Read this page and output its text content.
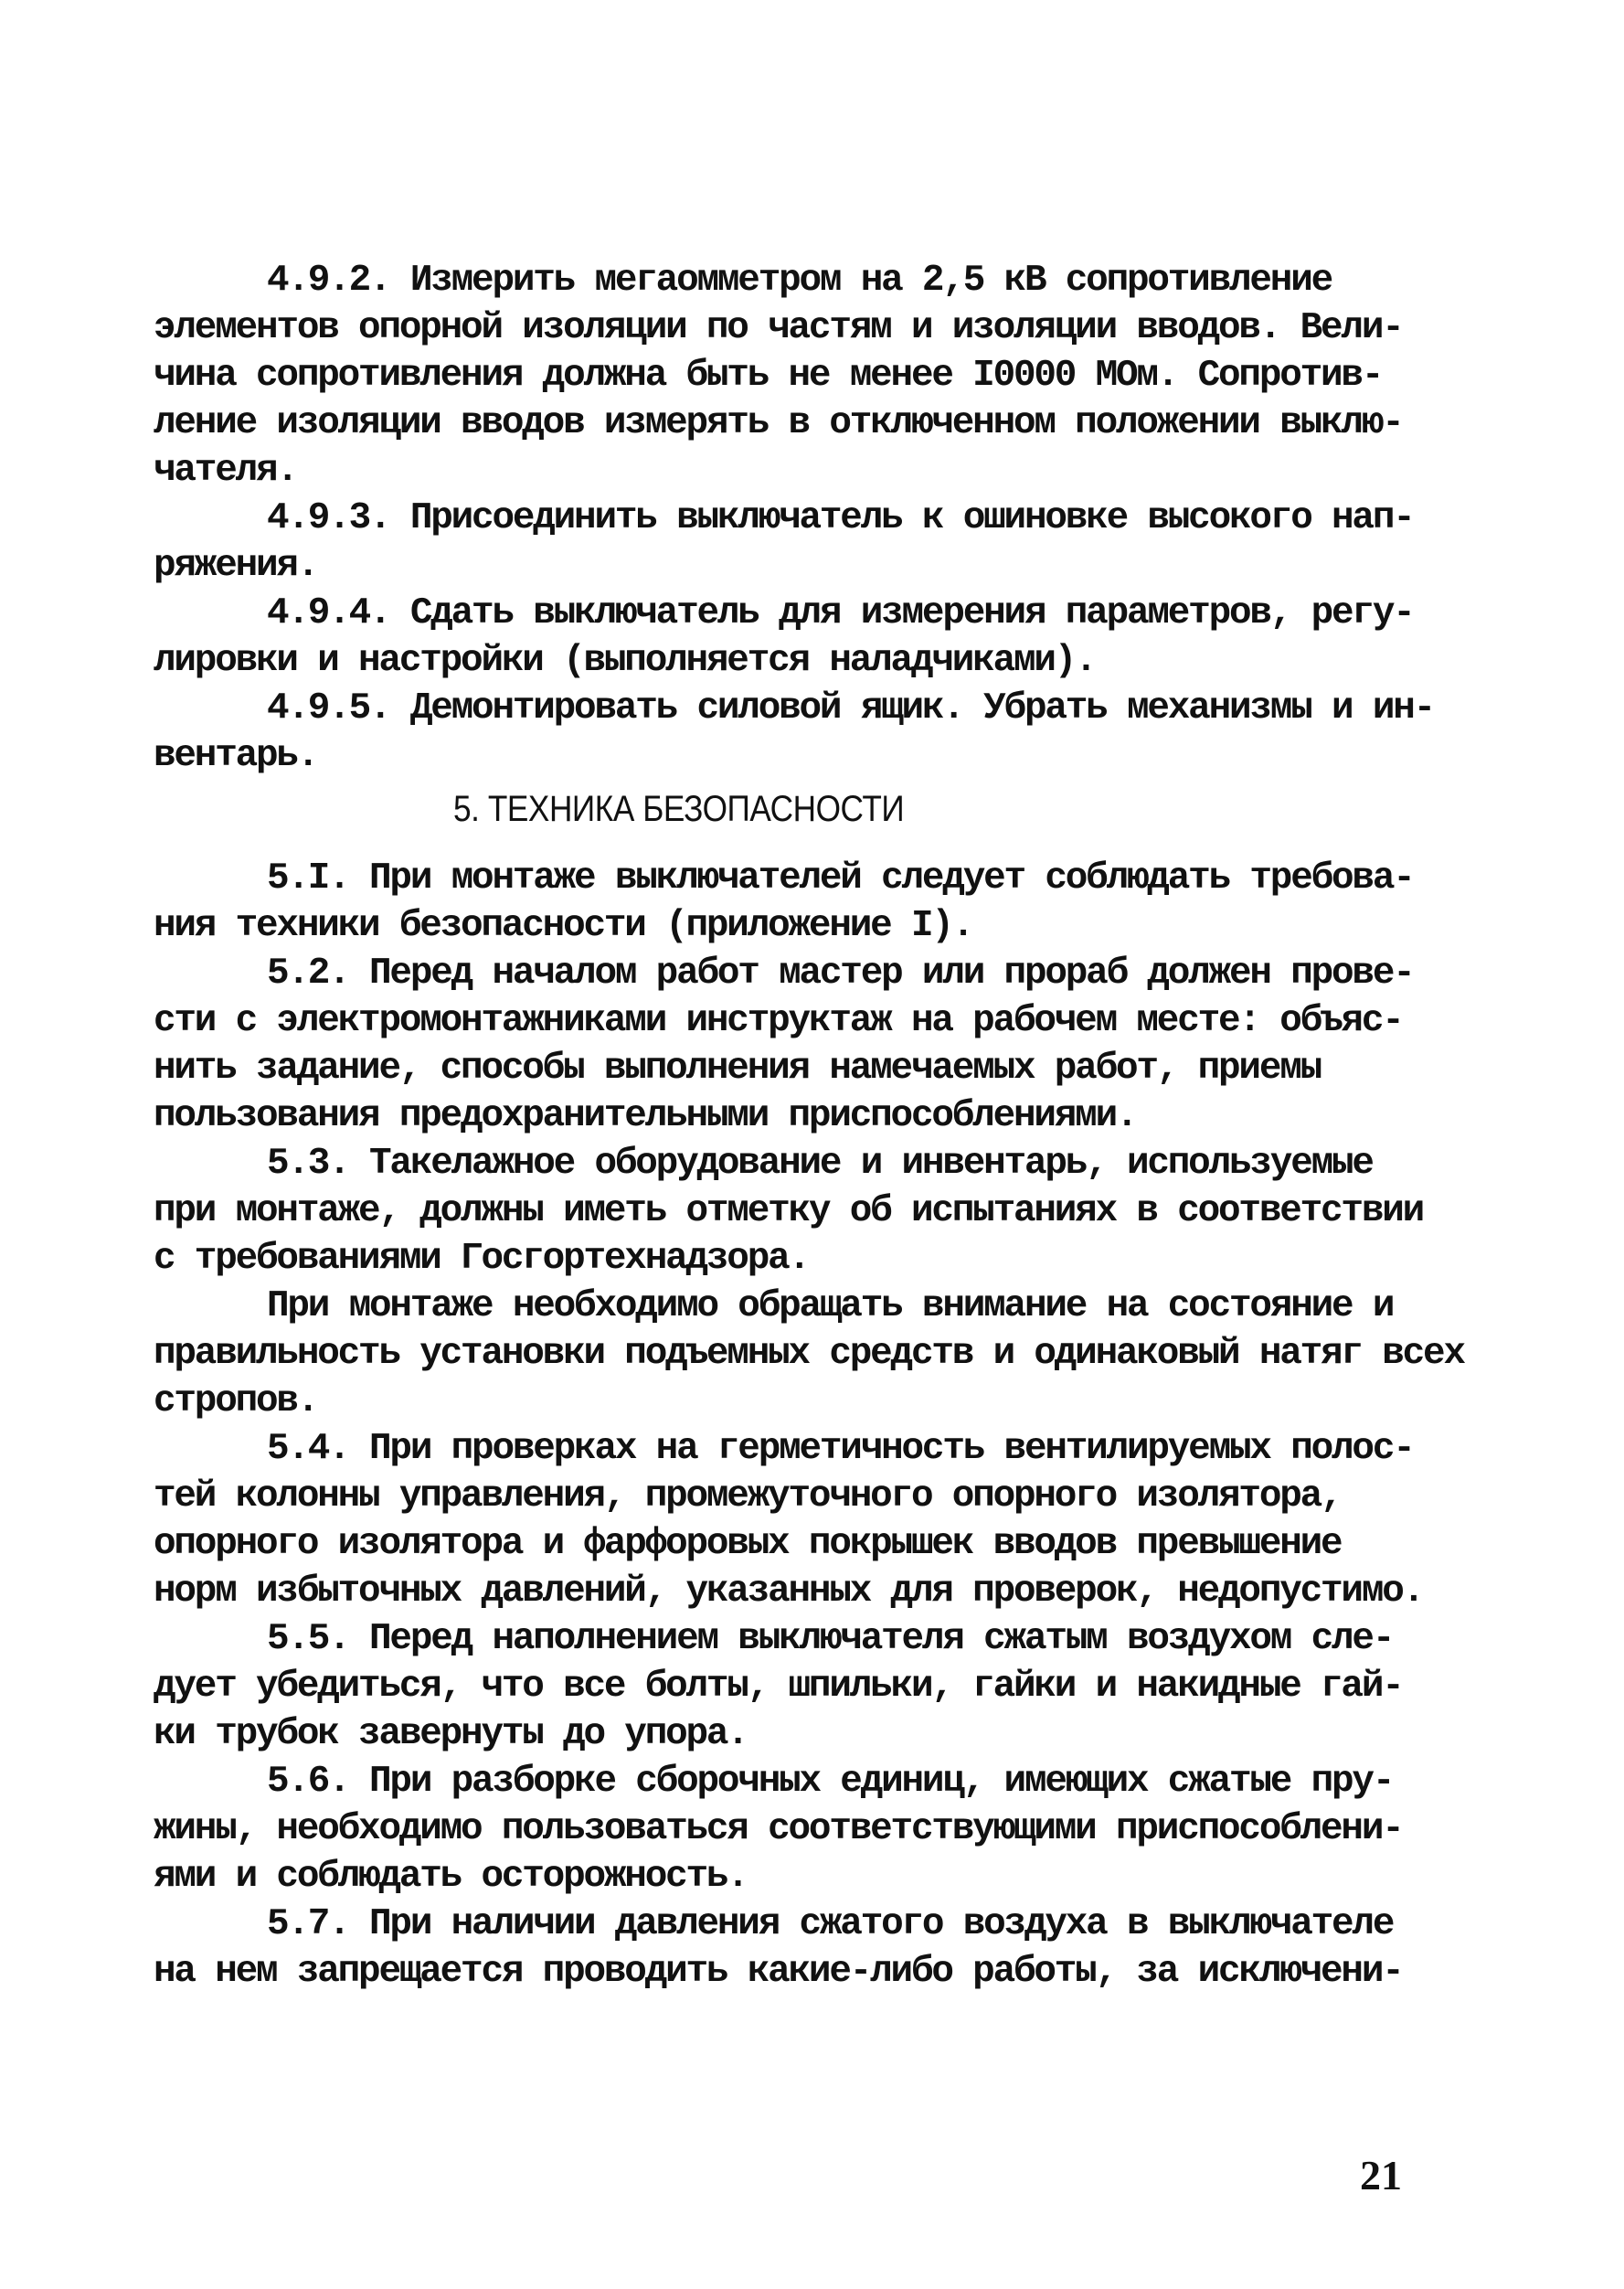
4.9.2. Измерить мегаомметром на 2,5 кВ сопротивление
элементов опорной изоляции по частям и изоляции вводов. Вели-
чина сопротивления должна быть не менее I0000 МОм. Сопротив-
ление изоляции вводов измерять в отключенном положении выклю-
чателя.
4.9.3. Присоединить выключатель к ошиновке высокого нап-
ряжения.
4.9.4. Сдать выключатель для измерения параметров, регу-
лировки и настройки (выполняется наладчиками).
4.9.5. Демонтировать силовой ящик. Убрать механизмы и ин-
вентарь.
5. ТЕХНИКА БЕЗОПАСНОСТИ
5.I. При монтаже выключателей следует соблюдать требова-
ния техники безопасности (приложение I).
5.2. Перед началом работ мастер или прораб должен прове-
сти с электромонтажниками инструктаж на рабочем месте: объяс-
нить задание, способы выполнения намечаемых работ, приемы
пользования предохранительными приспособлениями.
5.3. Такелажное оборудование и инвентарь, используемые
при монтаже, должны иметь отметку об испытаниях в соответствии
с требованиями Госгортехнадзора.
При монтаже необходимо обращать внимание на состояние и
правильность установки подъемных средств и одинаковый натяг всех
стропов.
5.4. При проверках на герметичность вентилируемых полос-
тей колонны управления, промежуточного опорного изолятора,
опорного изолятора и фарфоровых покрышек вводов превышение
норм избыточных давлений, указанных для проверок, недопустимо.
5.5. Перед наполнением выключателя сжатым воздухом сле-
дует убедиться, что все болты, шпильки, гайки и накидные гай-
ки трубок завернуты до упора.
5.6. При разборке сборочных единиц, имеющих сжатые пру-
жины, необходимо пользоваться соответствующими приспособлени-
ями и соблюдать осторожность.
5.7. При наличии давления сжатого воздуха в выключателе
на нем запрещается проводить какие-либо работы, за исключени-
21
